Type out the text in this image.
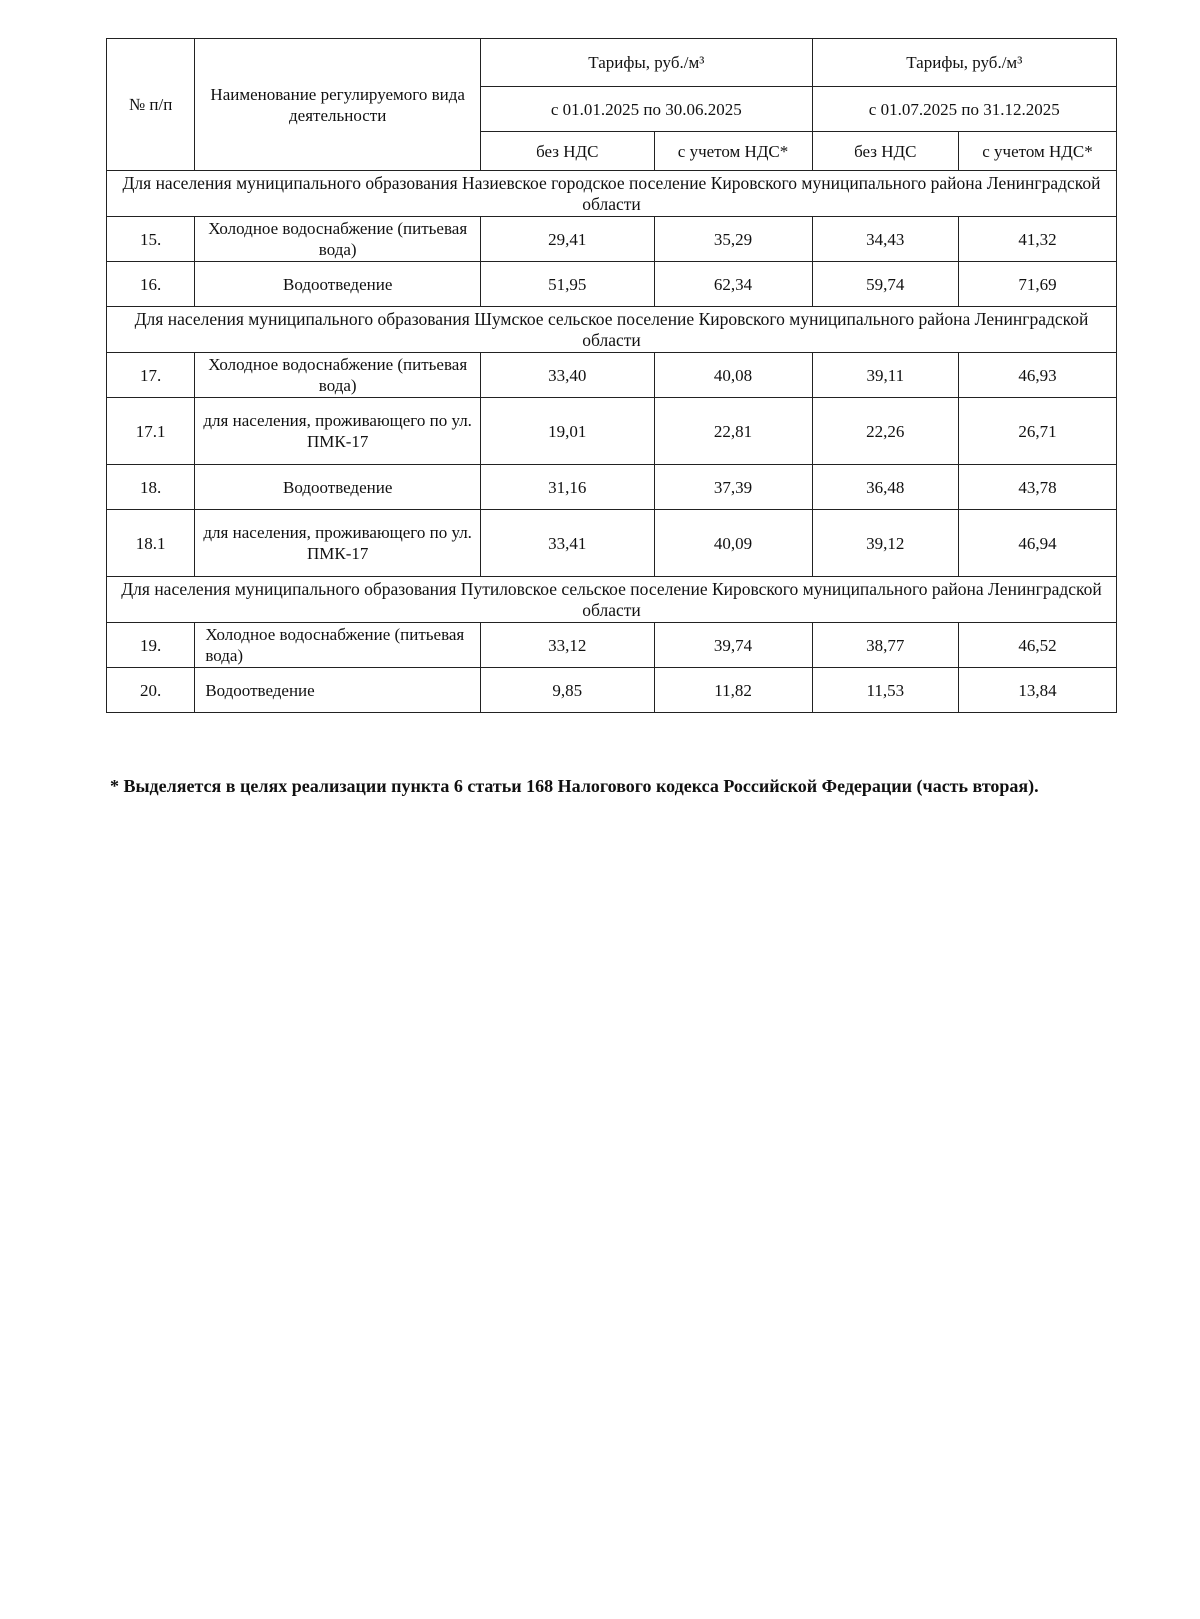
№ п/п	Наименование регулируемого вида деятельности	Тарифы, руб./м³		Тарифы, руб./м³	
		с 01.01.2025 по 30.06.2025		с 01.07.2025 по 31.12.2025	
		без НДС	с учетом НДС*	без НДС	с учетом НДС*
Для населения муниципального образования Назиевское городское поселение Кировского муниципального района Ленинградской области					
15.	Холодное водоснабжение (питьевая вода)	29,41	35,29	34,43	41,32
16.	Водоотведение	51,95	62,34	59,74	71,69
Для населения муниципального образования Шумское сельское поселение Кировского муниципального района Ленинградской области					
17.	Холодное водоснабжение (питьевая вода)	33,40	40,08	39,11	46,93
17.1	для населения, проживающего по ул. ПМК-17	19,01	22,81	22,26	26,71
18.	Водоотведение	31,16	37,39	36,48	43,78
18.1	для населения, проживающего по ул. ПМК-17	33,41	40,09	39,12	46,94
Для населения муниципального образования Путиловское сельское поселение Кировского муниципального района Ленинградской области					
19.	Холодное водоснабжение (питьевая вода)	33,12	39,74	38,77	46,52
20.	Водоотведение	9,85	11,82	11,53	13,84
* Выделяется в целях реализации пункта 6 статьи 168 Налогового кодекса Российской Федерации (часть вторая).
